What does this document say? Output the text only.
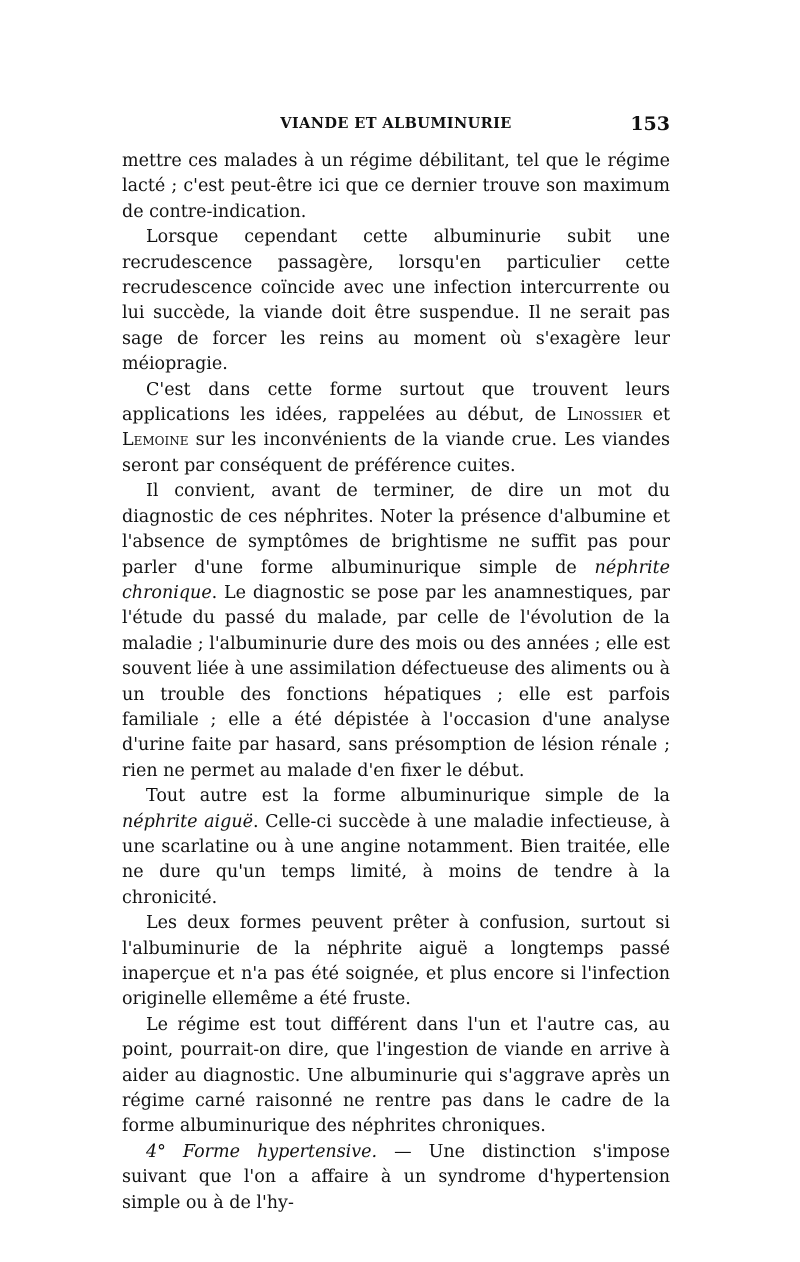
VIANDE ET ALBUMINURIE	153

mettre ces malades à un régime débilitant, tel que le régime lacté ; c'est peut-être ici que ce dernier trouve son maximum de contre-indication.

Lorsque cependant cette albuminurie subit une recrudescence passagère, lorsqu'en particulier cette recrudescence coïncide avec une infection intercurrente ou lui succède, la viande doit être suspendue. Il ne serait pas sage de forcer les reins au moment où s'exagère leur méiopragie.

C'est dans cette forme surtout que trouvent leurs applications les idées, rappelées au début, de Linossier et Lemoine sur les inconvénients de la viande crue. Les viandes seront par conséquent de préférence cuites.

Il convient, avant de terminer, de dire un mot du diagnostic de ces néphrites. Noter la présence d'albumine et l'absence de symptômes de brightisme ne suffit pas pour parler d'une forme albuminurique simple de néphrite chronique. Le diagnostic se pose par les anamnestiques, par l'étude du passé du malade, par celle de l'évolution de la maladie ; l'albuminurie dure des mois ou des années ; elle est souvent liée à une assimilation défectueuse des aliments ou à un trouble des fonctions hépatiques ; elle est parfois familiale ; elle a été dépistée à l'occasion d'une analyse d'urine faite par hasard, sans présomption de lésion rénale ; rien ne permet au malade d'en fixer le début.

Tout autre est la forme albuminurique simple de la néphrite aiguë. Celle-ci succède à une maladie infectieuse, à une scarlatine ou à une angine notamment. Bien traitée, elle ne dure qu'un temps limité, à moins de tendre à la chronicité.

Les deux formes peuvent prêter à confusion, surtout si l'albuminurie de la néphrite aiguë a longtemps passé inaperçue et n'a pas été soignée, et plus encore si l'infection originelle ellemême a été fruste.

Le régime est tout différent dans l'un et l'autre cas, au point, pourrait-on dire, que l'ingestion de viande en arrive à aider au diagnostic. Une albuminurie qui s'aggrave après un régime carné raisonné ne rentre pas dans le cadre de la forme albuminurique des néphrites chroniques.

4° Forme hypertensive. — Une distinction s'impose suivant que l'on a affaire à un syndrome d'hypertension simple ou à de l'hy-
